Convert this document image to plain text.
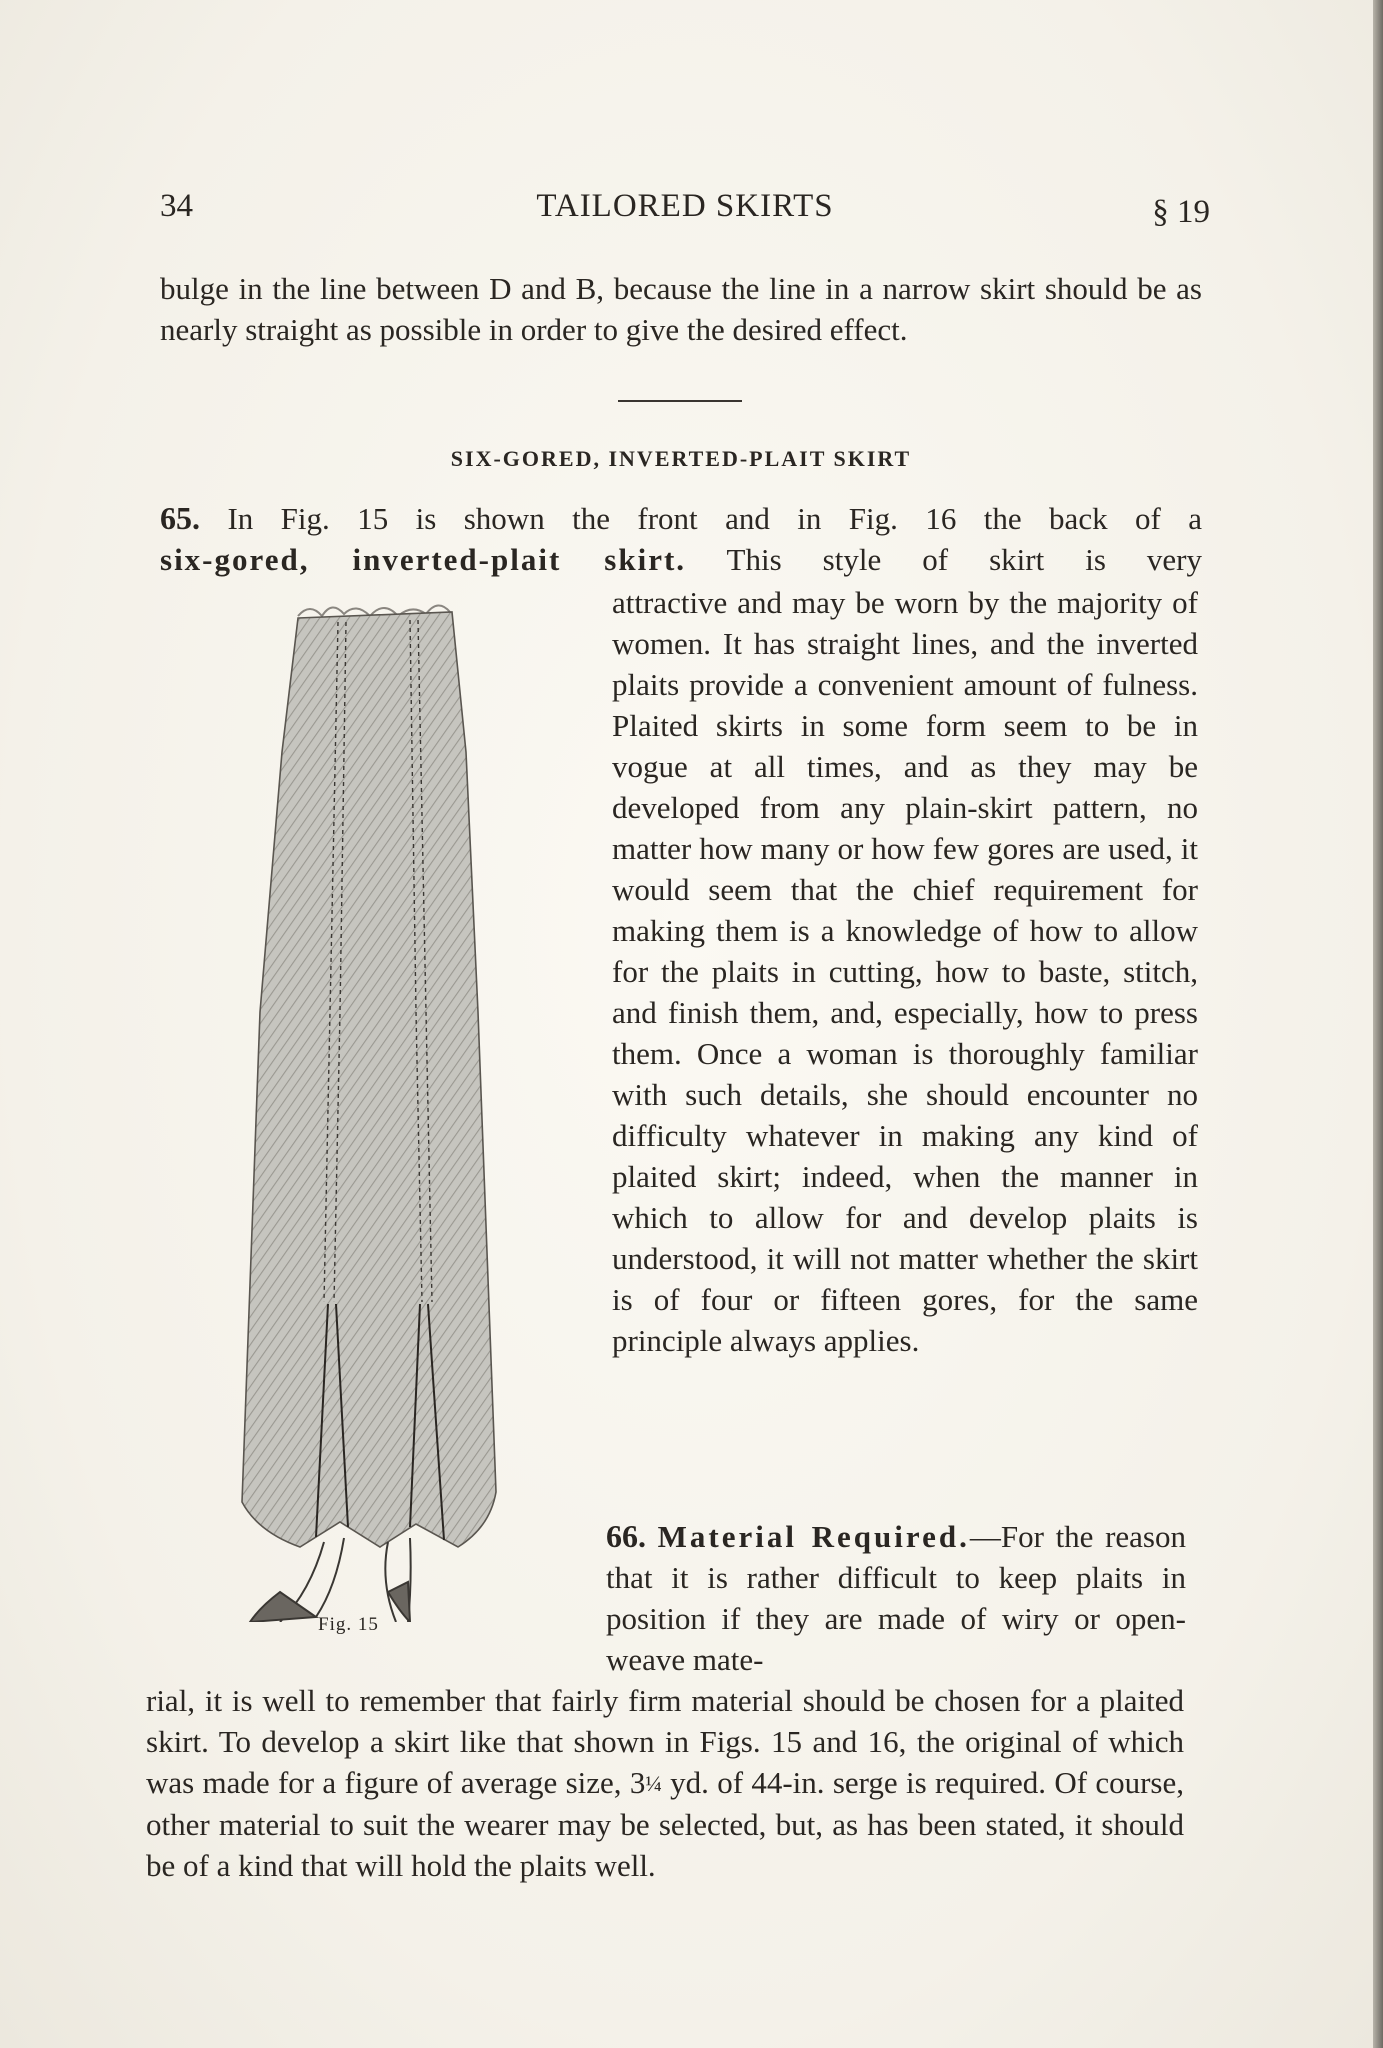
34	TAILORED SKIRTS	§ 19
bulge in the line between D and B, because the line in a narrow skirt should be as nearly straight as possible in order to give the desired effect.
SIX-GORED, INVERTED-PLAIT SKIRT
65. In Fig. 15 is shown the front and in Fig. 16 the back of a
six-gored, inverted-plait skirt. This style of skirt is very
attractive and may be worn by the majority of women. It has straight lines, and the inverted plaits provide a convenient amount of fulness. Plaited skirts in some form seem to be in vogue at all times, and as they may be developed from any plain-skirt pattern, no matter how many or how few gores are used, it would seem that the chief requirement for making them is a knowledge of how to allow for the plaits in cutting, how to baste, stitch, and finish them, and, especially, how to press them. Once a woman is thoroughly familiar with such details, she should encounter no difficulty whatever in making any kind of plaited skirt; indeed, when the manner in which to allow for and develop plaits is understood, it will not matter whether the skirt is of four or fifteen gores, for the same principle always applies.
Fig. 15
66. Material Required.—For the reason that it is rather difficult to keep plaits in position if they are made of wiry or open-weave mate-
rial, it is well to remember that fairly firm material should be chosen for a plaited skirt. To develop a skirt like that shown in Figs. 15 and 16, the original of which was made for a figure of average size, 3¼ yd. of 44-in. serge is required. Of course, other material to suit the wearer may be selected, but, as has been stated, it should be of a kind that will hold the plaits well.
